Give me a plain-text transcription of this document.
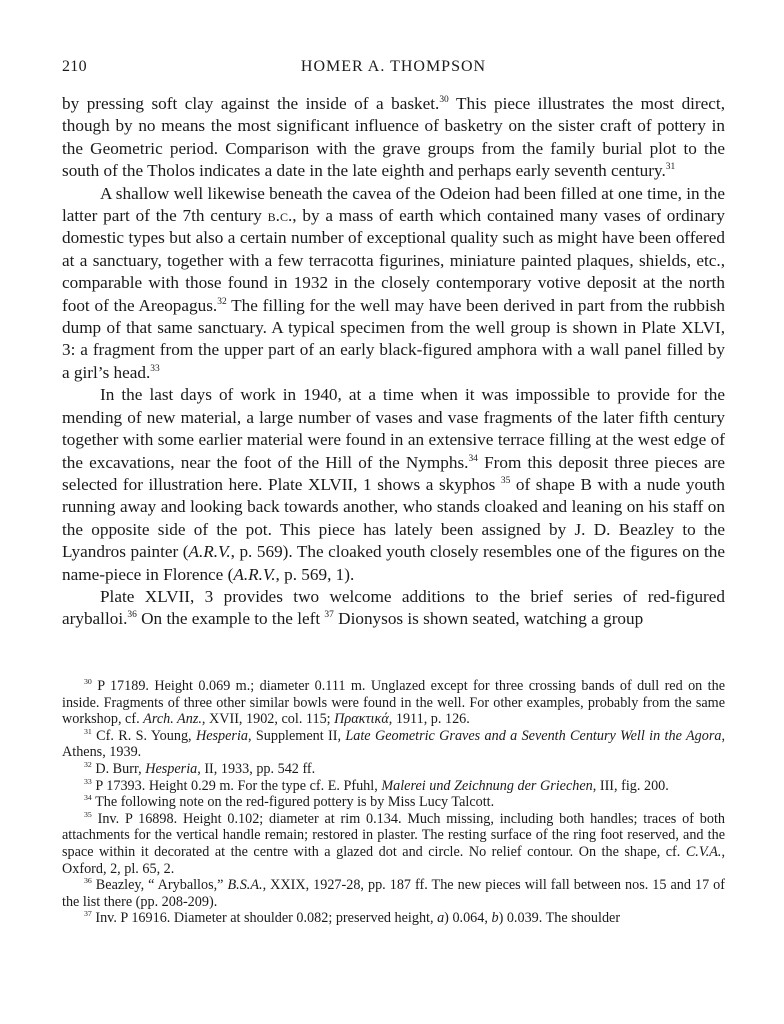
210	HOMER A. THOMPSON

by pressing soft clay against the inside of a basket.$^{30}$ This piece illustrates the most direct, though by no means the most significant influence of basketry on the sister craft of pottery in the Geometric period. Comparison with the grave groups from the family burial plot to the south of the Tholos indicates a date in the late eighth and perhaps early seventh century.$^{31}$

A shallow well likewise beneath the cavea of the Odeion had been filled at one time, in the latter part of the 7th century b.c., by a mass of earth which contained many vases of ordinary domestic types but also a certain number of exceptional quality such as might have been offered at a sanctuary, together with a few terracotta figurines, miniature painted plaques, shields, etc., comparable with those found in 1932 in the closely contemporary votive deposit at the north foot of the Areopagus.$^{32}$ The filling for the well may have been derived in part from the rubbish dump of that same sanctuary. A typical specimen from the well group is shown in Plate XLVI, 3: a fragment from the upper part of an early black-figured amphora with a wall panel filled by a girl’s head.$^{33}$

In the last days of work in 1940, at a time when it was impossible to provide for the mending of new material, a large number of vases and vase fragments of the later fifth century together with some earlier material were found in an extensive terrace filling at the west edge of the excavations, near the foot of the Hill of the Nymphs.$^{34}$ From this deposit three pieces are selected for illustration here. Plate XLVII, 1 shows a skyphos $^{35}$ of shape B with a nude youth running away and looking back towards another, who stands cloaked and leaning on his staff on the opposite side of the pot. This piece has lately been assigned by J. D. Beazley to the Lyandros painter (A.R.V., p. 569). The cloaked youth closely resembles one of the figures on the name-piece in Florence (A.R.V., p. 569, 1).

Plate XLVII, 3 provides two welcome additions to the brief series of red-figured aryballoi.$^{36}$ On the example to the left $^{37}$ Dionysos is shown seated, watching a group

$^{30}$ P 17189. Height 0.069 m.; diameter 0.111 m. Unglazed except for three crossing bands of dull red on the inside. Fragments of three other similar bowls were found in the well. For other examples, probably from the same workshop, cf. Arch. Anz., XVII, 1902, col. 115; Πρακτικά, 1911, p. 126.

$^{31}$ Cf. R. S. Young, Hesperia, Supplement II, Late Geometric Graves and a Seventh Century Well in the Agora, Athens, 1939.

$^{32}$ D. Burr, Hesperia, II, 1933, pp. 542 ff.

$^{33}$ P 17393. Height 0.29 m. For the type cf. E. Pfuhl, Malerei und Zeichnung der Griechen, III, fig. 200.

$^{34}$ The following note on the red-figured pottery is by Miss Lucy Talcott.

$^{35}$ Inv. P 16898. Height 0.102; diameter at rim 0.134. Much missing, including both handles; traces of both attachments for the vertical handle remain; restored in plaster. The resting surface of the ring foot reserved, and the space within it decorated at the centre with a glazed dot and circle. No relief contour. On the shape, cf. C.V.A., Oxford, 2, pl. 65, 2.

$^{36}$ Beazley, “ Aryballos,” B.S.A., XXIX, 1927-28, pp. 187 ff. The new pieces will fall between nos. 15 and 17 of the list there (pp. 208-209).

$^{37}$ Inv. P 16916. Diameter at shoulder 0.082; preserved height, a) 0.064, b) 0.039. The shoulder
